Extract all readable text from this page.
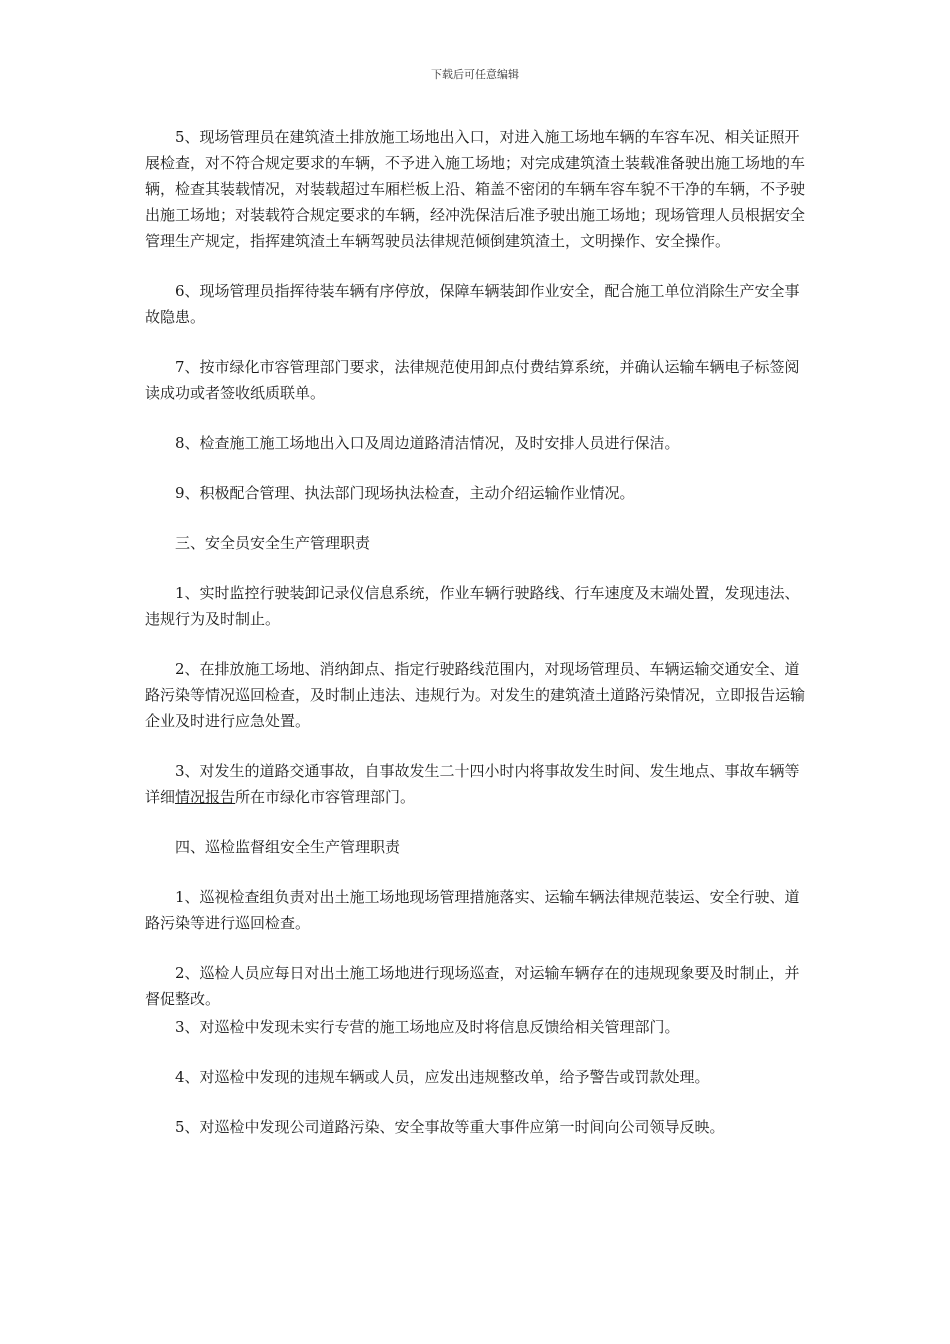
下载后可任意编辑

5、现场管理员在建筑渣土排放施工场地出入口，对进入施工场地车辆的车容车况、相关证照开展检查，对不符合规定要求的车辆，不予进入施工场地；对完成建筑渣土装载准备驶出施工场地的车辆，检查其装载情况，对装载超过车厢栏板上沿、箱盖不密闭的车辆车容车貌不干净的车辆，不予驶出施工场地；对装载符合规定要求的车辆，经冲洗保洁后准予驶出施工场地；现场管理人员根据安全管理生产规定，指挥建筑渣土车辆驾驶员法律规范倾倒建筑渣土，文明操作、安全操作。

6、现场管理员指挥待装车辆有序停放，保障车辆装卸作业安全，配合施工单位消除生产安全事故隐患。

7、按市绿化市容管理部门要求，法律规范使用卸点付费结算系统，并确认运输车辆电子标签阅读成功或者签收纸质联单。

8、检查施工施工场地出入口及周边道路清洁情况，及时安排人员进行保洁。

9、积极配合管理、执法部门现场执法检查，主动介绍运输作业情况。

三、安全员安全生产管理职责

1、实时监控行驶装卸记录仪信息系统，作业车辆行驶路线、行车速度及末端处置，发现违法、违规行为及时制止。

2、在排放施工场地、消纳卸点、指定行驶路线范围内，对现场管理员、车辆运输交通安全、道路污染等情况巡回检查，及时制止违法、违规行为。对发生的建筑渣土道路污染情况，立即报告运输企业及时进行应急处置。

3、对发生的道路交通事故，自事故发生二十四小时内将事故发生时间、发生地点、事故车辆等详细情况报告所在市绿化市容管理部门。

四、巡检监督组安全生产管理职责

1、巡视检查组负责对出土施工场地现场管理措施落实、运输车辆法律规范装运、安全行驶、道路污染等进行巡回检查。

2、巡检人员应每日对出土施工场地进行现场巡查，对运输车辆存在的违规现象要及时制止，并督促整改。

3、对巡检中发现未实行专营的施工场地应及时将信息反馈给相关管理部门。

4、对巡检中发现的违规车辆或人员，应发出违规整改单，给予警告或罚款处理。

5、对巡检中发现公司道路污染、安全事故等重大事件应第一时间向公司领导反映。
